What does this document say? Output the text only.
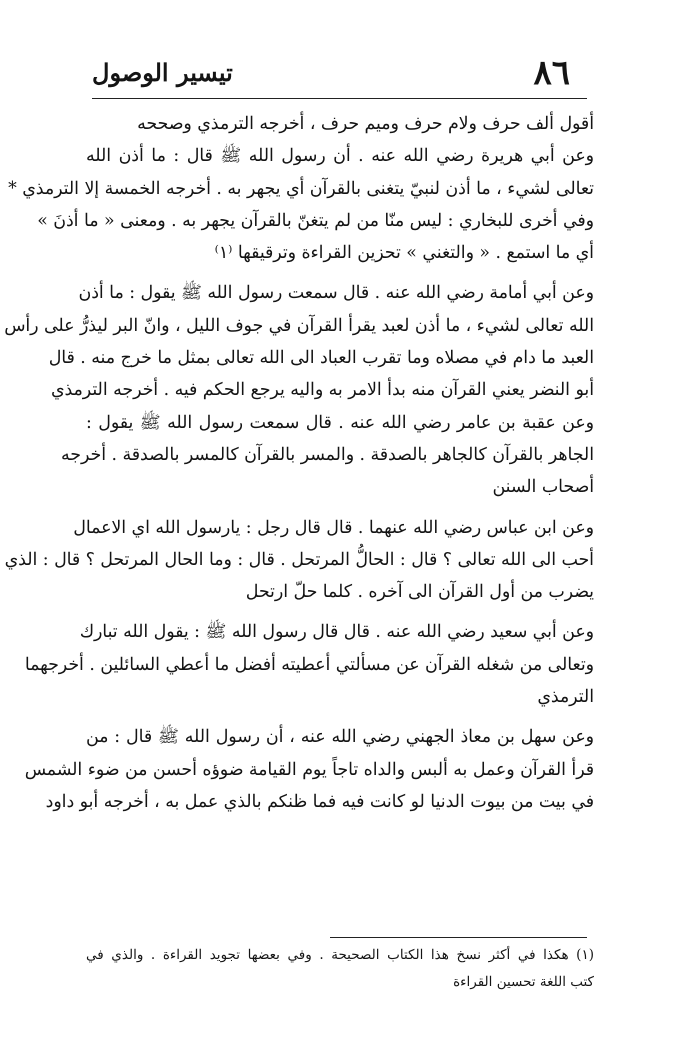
٨٦
تيسير الوصول
أقول ألف حرف ولام حرف وميم حرف ، أخرجه الترمذي وصححه
وعن أبي هريرة رضي الله عنه . أن رسول الله ﷺ قال : ما أذن الله
تعالى لشيء ، ما أذن لنبيّ يتغنى بالقرآن أي يجهر به . أخرجه الخمسة إلا الترمذي *
وفي أخرى للبخاري : ليس منّا من لم يتغنّ بالقرآن يجهر به . ومعنى « ما أذنَ »
أي ما استمع . « والتغني » تحزين القراءة وترقيقها ⁽١⁾
وعن أبي أمامة رضي الله عنه . قال سمعت رسول الله ﷺ يقول : ما أذن
الله تعالى لشيء ، ما أذن لعبد يقرأ القرآن في جوف الليل ، وانّ البر ليذرُّ على رأس
العبد ما دام في مصلاه وما تقرب العباد الى الله تعالى بمثل ما خرج منه . قال
أبو النضر يعني القرآن منه بدأ الامر به واليه يرجع الحكم فيه . أخرجه الترمذي
وعن عقبة بن عامر رضي الله عنه . قال سمعت رسول الله ﷺ يقول :
الجاهر بالقرآن كالجاهر بالصدقة . والمسر بالقرآن كالمسر بالصدقة . أخرجه
أصحاب السنن
وعن ابن عباس رضي الله عنهما . قال قال رجل : يارسول الله اي الاعمال
أحب الى الله تعالى ؟ قال : الحالُّ المرتحل . قال : وما الحال المرتحل ؟ قال : الذي
يضرب من أول القرآن الى آخره . كلما حلّ ارتحل
وعن أبي سعيد رضي الله عنه . قال قال رسول الله ﷺ : يقول الله تبارك
وتعالى من شغله القرآن عن مسألتي أعطيته أفضل ما أعطي السائلين . أخرجهما
الترمذي
وعن سهل بن معاذ الجهني رضي الله عنه ، أن رسول الله ﷺ قال : من
قرأ القرآن وعمل به ألبس والداه تاجاً يوم القيامة ضوؤه أحسن من ضوء الشمس
في بيت من بيوت الدنيا لو كانت فيه فما ظنكم بالذي عمل به ، أخرجه أبو داود
(١) هكذا في أكثر نسخ هذا الكتاب الصحيحة . وفي بعضها تجويد القراءة . والذي في
كتب اللغة تحسين القراءة
